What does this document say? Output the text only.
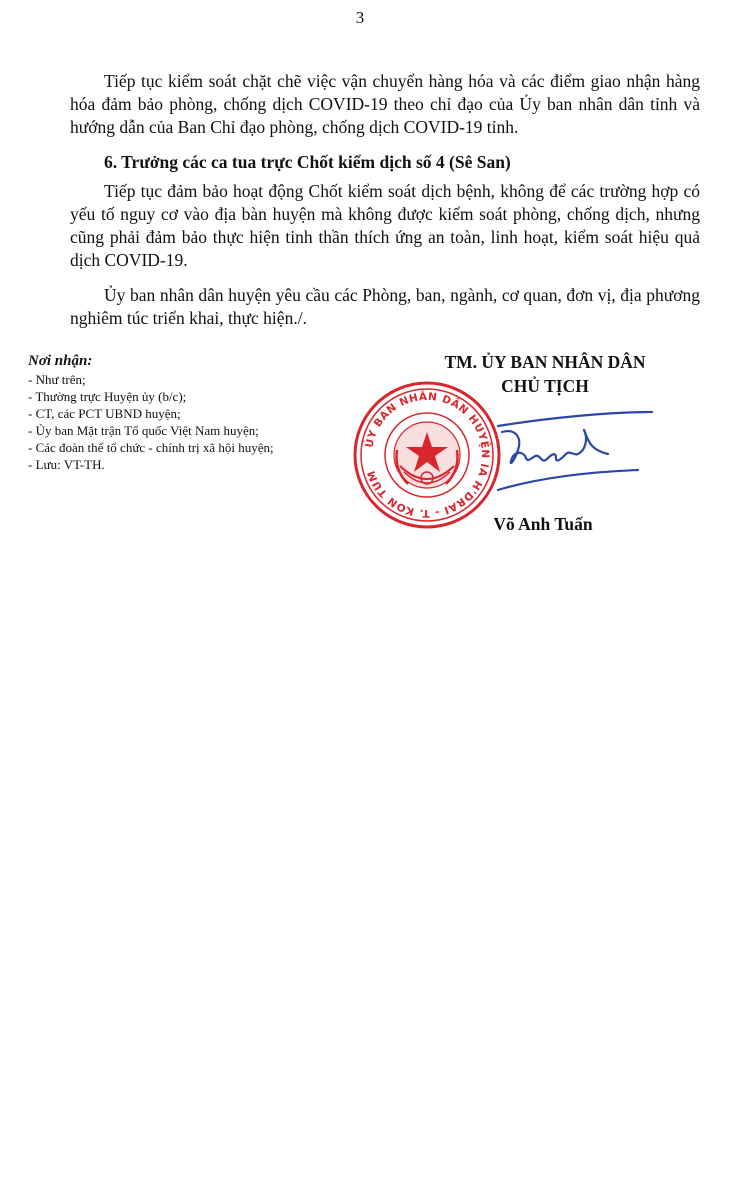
3

Tiếp tục kiểm soát chặt chẽ việc vận chuyển hàng hóa và các điểm giao nhận hàng hóa đảm bảo phòng, chống dịch COVID-19 theo chỉ đạo của Ủy ban nhân dân tỉnh và hướng dẫn của Ban Chỉ đạo phòng, chống dịch COVID-19 tỉnh.

6. Trưởng các ca tua trực Chốt kiểm dịch số 4 (Sê San)

Tiếp tục đảm bảo hoạt động Chốt kiểm soát dịch bệnh, không để các trường hợp có yếu tố nguy cơ vào địa bàn huyện mà không được kiểm soát phòng, chống dịch, nhưng cũng phải đảm bảo thực hiện tinh thần thích ứng an toàn, linh hoạt, kiểm soát hiệu quả dịch COVID-19.

Ủy ban nhân dân huyện yêu cầu các Phòng, ban, ngành, cơ quan, đơn vị, địa phương nghiêm túc triển khai, thực hiện./.

Nơi nhận:
- Như trên;
- Thường trực Huyện ủy (b/c);
- CT, các PCT UBND huyện;
- Ủy ban Mặt trận Tổ quốc Việt Nam huyện;
- Các đoàn thể tổ chức - chính trị xã hội huyện;
- Lưu: VT-TH.
TM. ỦY BAN NHÂN DÂN
CHỦ TỊCH
ỦY BAN NHÂN DÂN HUYỆN IA H'DRAI - T. KON TUM
Võ Anh Tuấn
